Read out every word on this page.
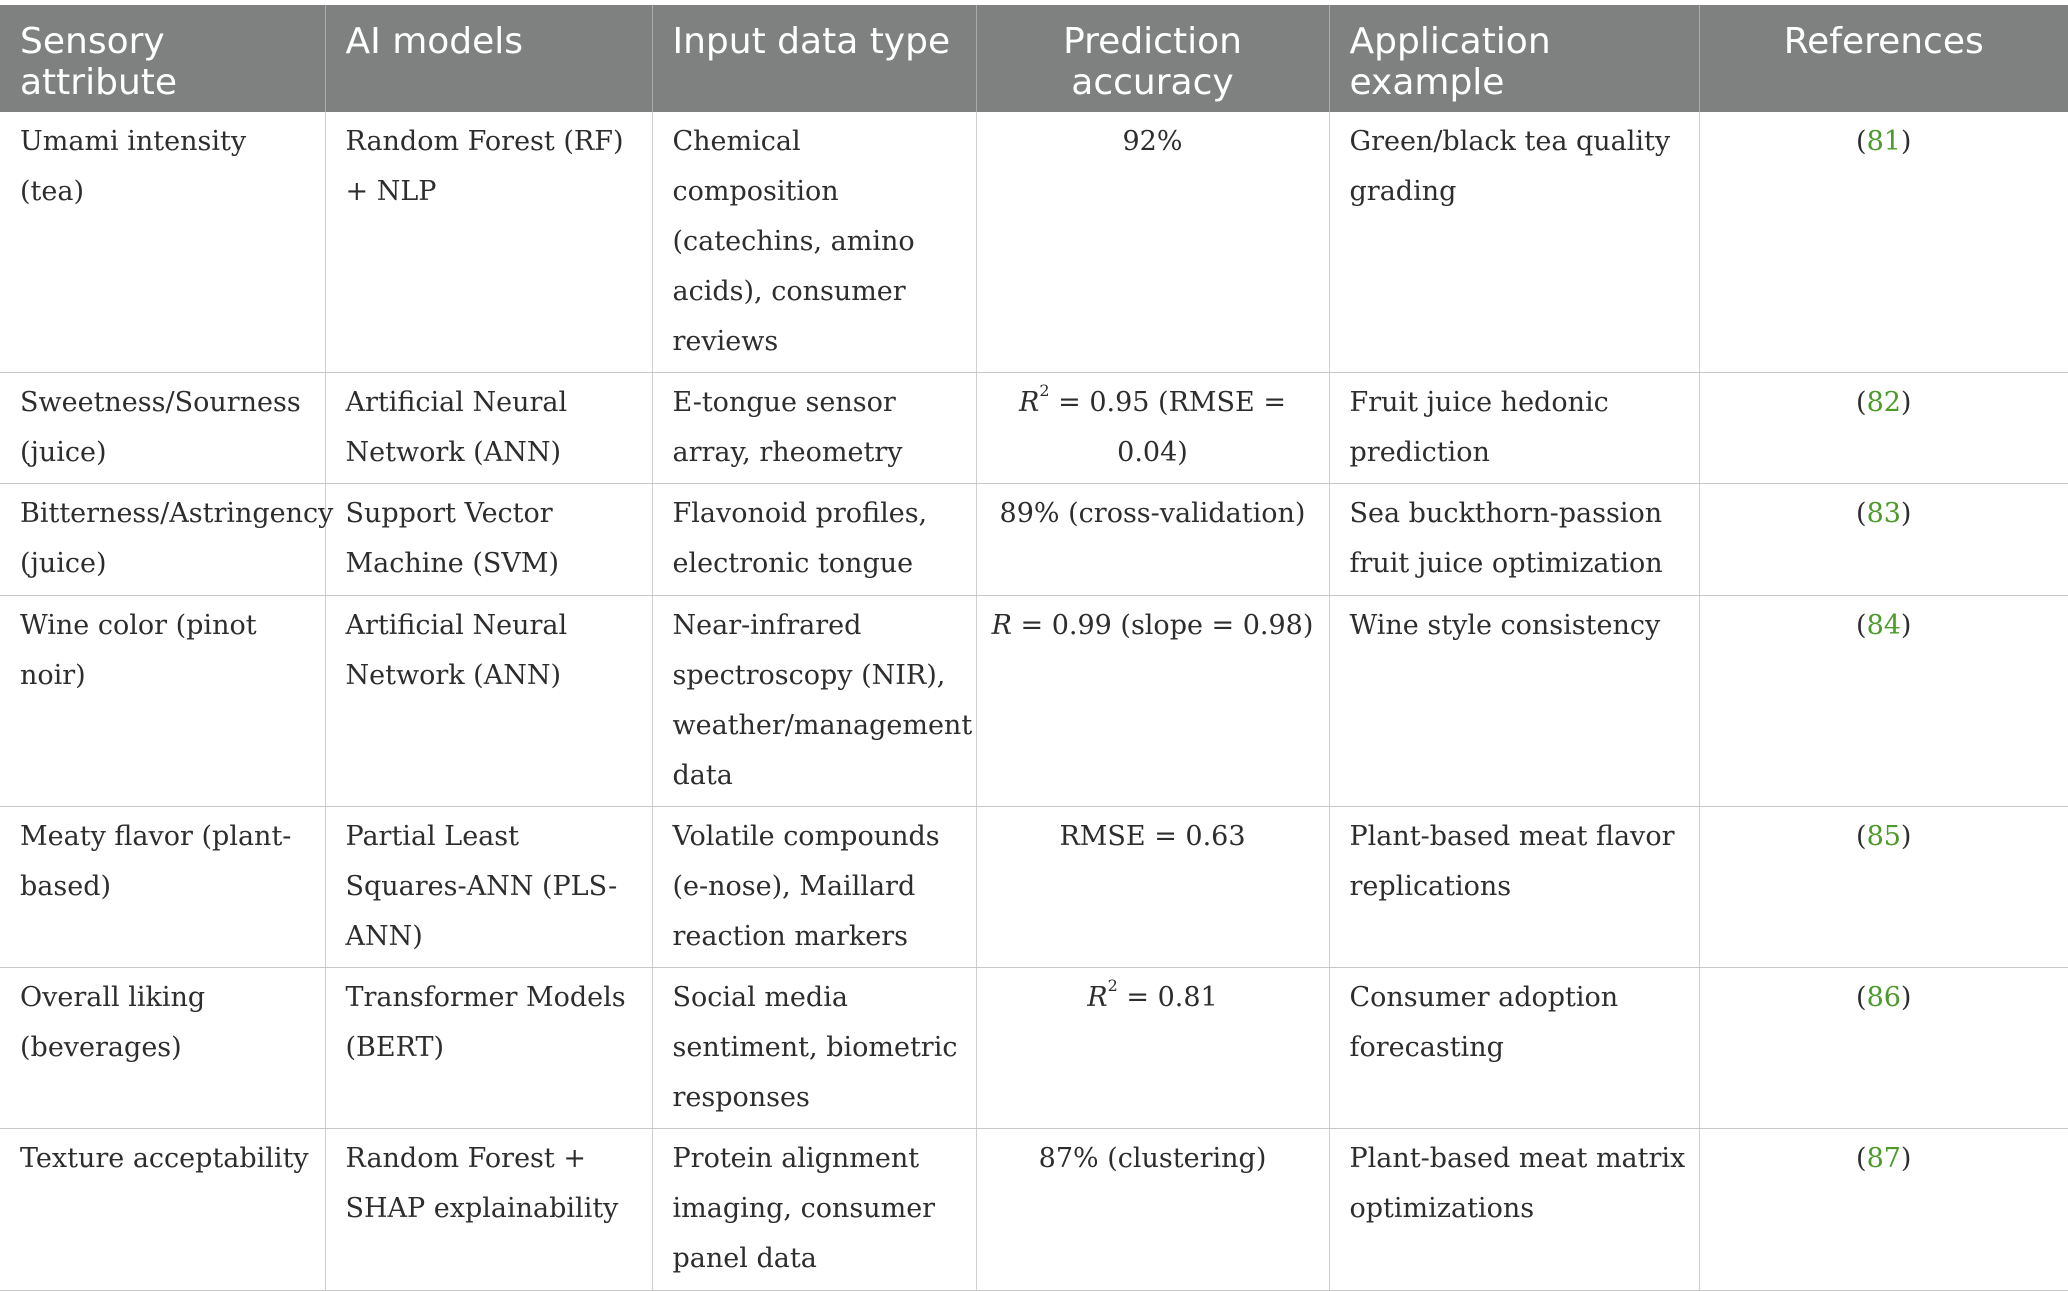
Sensory attribute	AI models	Input data type	Prediction accuracy	Application example	References
Umami intensity (tea)	Random Forest (RF) + NLP	Chemical composition (catechins, amino acids), consumer reviews	92%	Green/black tea quality grading	(81)
Sweetness/Sourness (juice)	Artificial Neural Network (ANN)	E-tongue sensor array, rheometry	$R^2 = 0.95$ (RMSE = 0.04)	Fruit juice hedonic prediction	(82)
Bitterness/Astringency (juice)	Support Vector Machine (SVM)	Flavonoid profiles, electronic tongue	89% (cross-validation)	Sea buckthorn-passion fruit juice optimization	(83)
Wine color (pinot noir)	Artificial Neural Network (ANN)	Near-infrared spectroscopy (NIR), weather/management data	R = 0.99 (slope = 0.98)	Wine style consistency	(84)
Meaty flavor (plant-based)	Partial Least Squares-ANN (PLS-ANN)	Volatile compounds (e-nose), Maillard reaction markers	RMSE = 0.63	Plant-based meat flavor replications	(85)
Overall liking (beverages)	Transformer Models (BERT)	Social media sentiment, biometric responses	$R^2 = 0.81$	Consumer adoption forecasting	(86)
Texture acceptability	Random Forest + SHAP explainability	Protein alignment imaging, consumer panel data	87% (clustering)	Plant-based meat matrix optimizations	(87)
